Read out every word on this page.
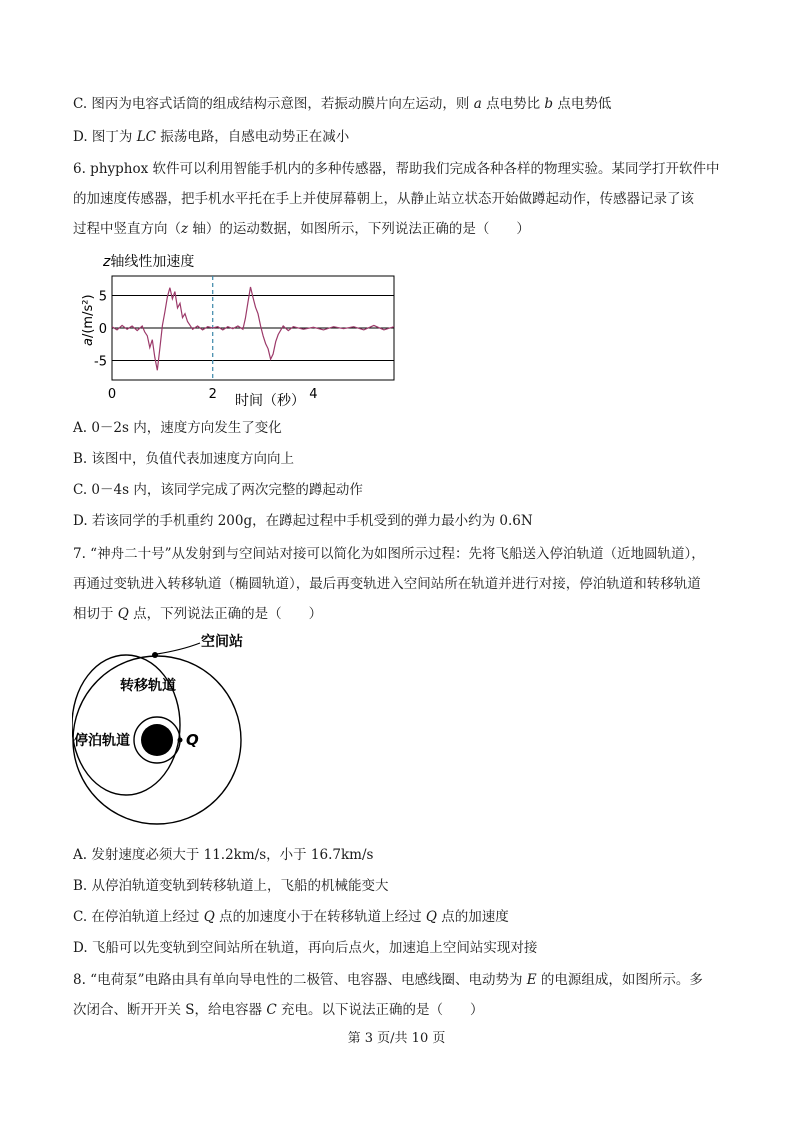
C. 图丙为电容式话筒的组成结构示意图，若振动膜片向左运动，则 a 点电势比 b 点电势低
D. 图丁为 LC 振荡电路，自感电动势正在减小
6. phyphox 软件可以利用智能手机内的多种传感器，帮助我们完成各种各样的物理实验。某同学打开软件中
的加速度传感器，把手机水平托在手上并使屏幕朝上，从静止站立状态开始做蹲起动作，传感器记录了该
过程中竖直方向（z 轴）的运动数据，如图所示，下列说法正确的是（　　）
z轴线性加速度
5
0
-5
0	2	4
a/(m/s²)
时间（秒）
A. 0－2s 内，速度方向发生了变化
B. 该图中，负值代表加速度方向向上
C. 0－4s 内，该同学完成了两次完整的蹲起动作
D. 若该同学的手机重约 200g，在蹲起过程中手机受到的弹力最小约为 0.6N
7. “神舟二十号”从发射到与空间站对接可以简化为如图所示过程：先将飞船送入停泊轨道（近地圆轨道），
再通过变轨进入转移轨道（椭圆轨道），最后再变轨进入空间站所在轨道并进行对接，停泊轨道和转移轨道
相切于 Q 点，下列说法正确的是（　　）
空间站
转移轨道
停泊轨道	Q
A. 发射速度必须大于 11.2km/s，小于 16.7km/s
B. 从停泊轨道变轨到转移轨道上，飞船的机械能变大
C. 在停泊轨道上经过 Q 点的加速度小于在转移轨道上经过 Q 点的加速度
D. 飞船可以先变轨到空间站所在轨道，再向后点火，加速追上空间站实现对接
8. “电荷泵”电路由具有单向导电性的二极管、电容器、电感线圈、电动势为 E 的电源组成，如图所示。多
次闭合、断开开关 S，给电容器 C 充电。以下说法正确的是（　　）
第 3 页/共 10 页
